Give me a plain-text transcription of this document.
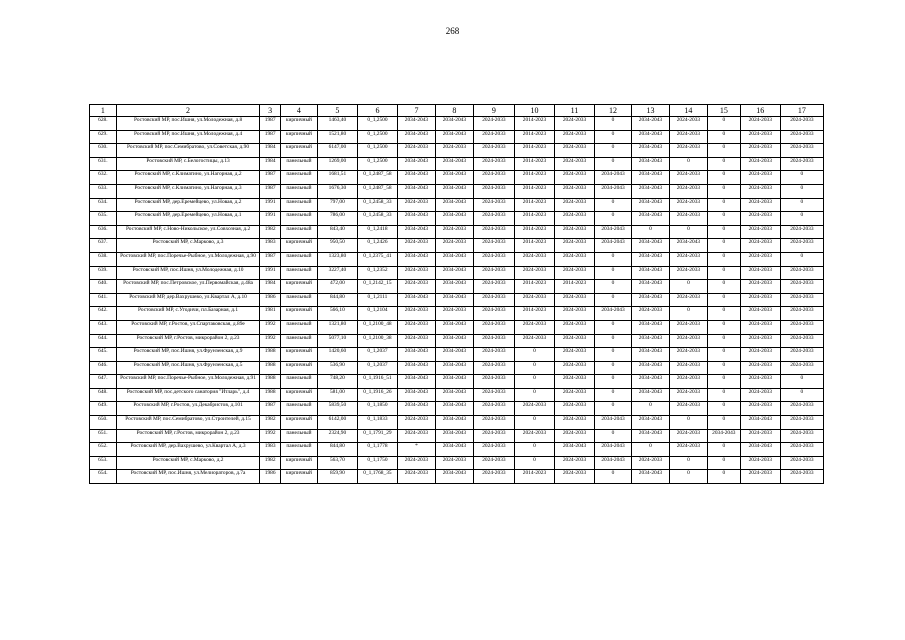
268
1	2	3	4	5	6	7	8	9	10	11	12	13	14	15	16	17
628.	Ростовский МР, пос.Ишня, ул.Молодежная, д.8	1987	кирпичный	1463,40	0_1,2500	2034-2043	2034-2043	2024-2033	2014-2023	2024-2033	0	2034-2043	2024-2033	0	2024-2033	2024-2033
629.	Ростовский МР, пос.Ишня, ул.Молодежная, д.4	1987	кирпичный	1521,80	0_1,2500	2034-2043	2034-2043	2024-2033	2014-2023	2024-2033	0	2034-2043	2024-2033	0	2024-2033	2024-2033
630.	Ростовский МР, пос.Семибратово, ул.Советская, д.90	1984	кирпичный	6147,00	0_1,2500	2024-2033	2024-2033	2024-2033	2014-2023	2024-2033	0	2034-2043	2024-2033	0	2024-2033	2024-2033
631.	Ростовский МР, с.Белогостицы, д.13	1984	панельный	1269,00	0_1,2500	2034-2043	2034-2043	2024-2033	2014-2023	2024-2033	0	2034-2043	0	0	2024-2033	2024-2033
632.	Ростовский МР, с.Климатино, ул.Нагорная, д.2	1987	панельный	1681,51	0_1,2487_58	2034-2043	2034-2043	2024-2033	2014-2023	2024-2033	2034-2043	2034-2043	2024-2033	0	2024-2033	0
633.	Ростовский МР, с.Климатино, ул.Нагорная, д.3	1987	панельный	1676,30	0_1,2487_58	2034-2043	2034-2043	2024-2033	2014-2023	2024-2033	2034-2043	2034-2043	2024-2033	0	2024-2033	0
634.	Ростовский МР, дер.Еремейцево, ул.Новая, д.2	1991	панельный	797,00	0_1,2458_33	2024-2033	2034-2043	2024-2033	2014-2023	2024-2033	0	2034-2043	2024-2033	0	2024-2033	0
635.	Ростовский МР, дер.Еремейцево, ул.Новая, д.1	1991	панельный	786,00	0_1,2458_33	2034-2043	2034-2043	2024-2033	2014-2023	2024-2033	0	2034-2043	2024-2033	0	2024-2033	0
636.	Ростовский МР, с.Ново-Никольское, ул.Совхозная, д.2	1982	панельный	843,40	0_1,2418	2034-2043	2024-2033	2024-2033	2014-2023	2024-2033	2034-2043	0	0	0	2024-2033	2024-2033
637.	Ростовский МР, с.Марково, д.3	1983	кирпичный	950,50	0_1,2426	2024-2033	2024-2033	2024-2033	2014-2023	2024-2033	2034-2043	2034-2043	2034-2043	0	2024-2033	2024-2033
638.	Ростовский МР, пос.Поречье-Рыбное, ул.Молодежная, д.90	1987	панельный	1323,80	0_1,2375_41	2034-2043	2034-2043	2024-2033	2024-2033	2024-2033	0	2034-2043	2024-2033	0	2024-2033	0
639.	Ростовский МР, пос.Ишня, ул.Молодежная, д.10	1991	панельный	3227,40	0_1,2352	2024-2033	2034-2043	2024-2033	2024-2033	2024-2033	0	2034-2043	2024-2033	0	2024-2033	2024-2033
640.	Ростовский МР, пос.Петровское, ул.Первомайская, д.48а	1984	кирпичный	472,00	0_1,2142_15	2024-2033	2034-2043	2024-2033	2014-2023	2014-2023	0	2034-2043	0	0	2024-2033	2024-2033
641.	Ростовский МР, дер.Вахрушево, ул.Квартал А, д.10	1986	панельный	844,80	0_1,2111	2034-2043	2034-2043	2024-2033	2024-2033	2024-2033	0	2034-2043	2024-2033	0	2024-2033	2024-2033
642.	Ростовский МР, с.Угодичи, пл.Базарная, д.1	1981	кирпичный	566,10	0_1,2104	2024-2033	2024-2033	2024-2033	2014-2023	2024-2033	2034-2043	2024-2033	0	0	2024-2033	2024-2033
643.	Ростовский МР, г.Ростов, ул.Спартаковская, д.89е	1992	панельный	1321,80	0_1,2100_48	2024-2033	2034-2043	2024-2033	2024-2033	2024-2033	0	2034-2043	2024-2033	0	2024-2033	2024-2033
644.	Ростовский МР, г.Ростов, микрорайон 2, д.23	1992	панельный	5077,10	0_1,2100_38	2024-2033	2034-2043	2024-2033	2024-2033	2024-2033	0	2034-2043	2024-2033	0	2024-2033	2024-2033
645.	Ростовский МР, пос.Ишня, ул.Фрунзенская, д.9	1988	кирпичный	1420,60	0_1,2037	2034-2043	2034-2043	2024-2033	0	2024-2033	0	2034-2043	2024-2033	0	2024-2033	2024-2033
646.	Ростовский МР, пос.Ишня, ул.Фрунзенская, д.5	1988	кирпичный	536,90	0_1,2037	2034-2043	2034-2043	2024-2033	0	2024-2033	0	2034-2043	2024-2033	0	2024-2033	2024-2033
647.	Ростовский МР, пос.Поречье-Рыбное, ул.Молодежная, д.91	1988	панельный	748,20	0_1,1916_51	2034-2043	2034-2043	2024-2033	0	2024-2033	0	2034-2043	2024-2033	0	2024-2033	0
648.	Ростовский МР, пос.детского санатория "Итларь", д.4	1988	кирпичный	581,00	0_1,1916_26	2034-2043	2034-2043	2024-2033	0	2024-2033	0	2034-2043	2024-2033	0	2024-2033	0
649.	Ростовский МР, г.Ростов, ул.Декабристов, д.101	1987	панельный	5839,50	0_1,1850	2034-2043	2034-2043	2024-2033	2024-2033	2024-2033	0	0	2024-2033	0	2024-2033	2024-2033
650.	Ростовский МР, пос.Семибратово, ул.Строителей, д.15	1982	кирпичный	6142,00	0_1,1833	2024-2033	2034-2043	2024-2033	0	2024-2033	2034-2043	2034-2043	0	0	2034-2043	2024-2033
651.	Ростовский МР, г.Ростов, микрорайон 2, д.23	1992	панельный	2324,90	0_1,1791_29	2024-2033	2034-2043	2024-2033	2024-2033	2024-2033	0	2034-2043	2024-2033	2034-2043	2024-2033	2024-2033
652.	Ростовский МР, дер.Вахрушево, ул.Квартал А, д.3	1983	панельный	844,80	0_1,1778	*	2034-2043	2024-2033	0	2034-2043	2034-2043	0	2024-2033	0	2034-2043	2024-2033
653.	Ростовский МР, с.Марково, д.2	1982	кирпичный	563,70	0_1,1750	2024-2033	2024-2033	2024-2033	0	2024-2033	2034-2043	2024-2033	0	0	2024-2033	2024-2033
654.	Ростовский МР, пос.Ишня, ул.Мелиораторов, д.7а	1986	кирпичный	859,90	0_1,1768_35	2024-2033	2034-2043	2024-2033	2014-2023	2024-2033	0	2034-2043	0	0	2024-2033	2024-2033
